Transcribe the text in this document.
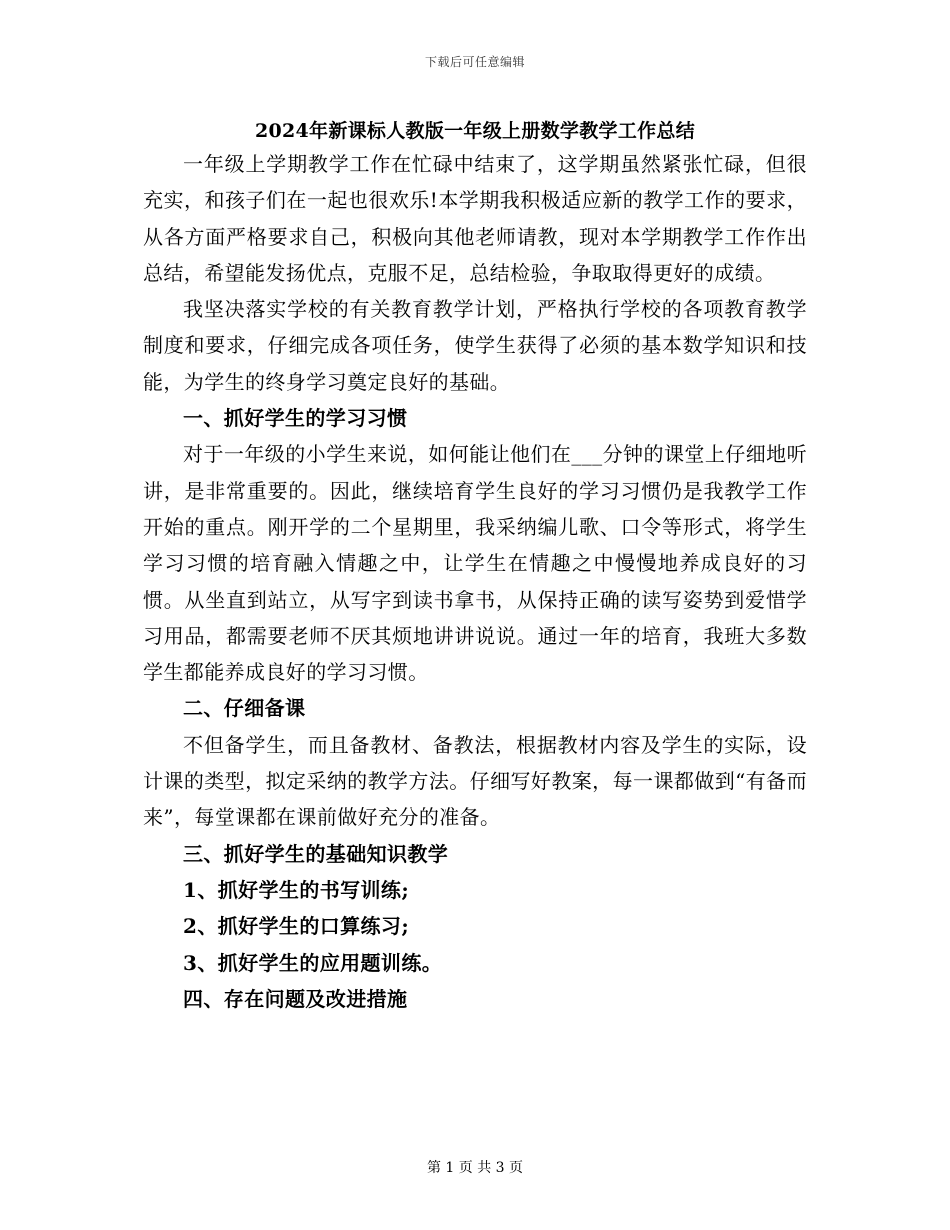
下载后可任意编辑
2024年新课标人教版一年级上册数学教学工作总结

一年级上学期教学工作在忙碌中结束了，这学期虽然紧张忙碌，但很充实，和孩子们在一起也很欢乐!本学期我积极适应新的教学工作的要求，从各方面严格要求自己，积极向其他老师请教，现对本学期教学工作作出总结，希望能发扬优点，克服不足，总结检验，争取取得更好的成绩。

我坚决落实学校的有关教育教学计划，严格执行学校的各项教育教学制度和要求，仔细完成各项任务，使学生获得了必须的基本数学知识和技能，为学生的终身学习奠定良好的基础。

一、抓好学生的学习习惯

对于一年级的小学生来说，如何能让他们在___分钟的课堂上仔细地听讲，是非常重要的。因此，继续培育学生良好的学习习惯仍是我教学工作开始的重点。刚开学的二个星期里，我采纳编儿歌、口令等形式，将学生学习习惯的培育融入情趣之中，让学生在情趣之中慢慢地养成良好的习惯。从坐直到站立，从写字到读书拿书，从保持正确的读写姿势到爱惜学习用品，都需要老师不厌其烦地讲讲说说。通过一年的培育，我班大多数学生都能养成良好的学习习惯。

二、仔细备课

不但备学生，而且备教材、备教法，根据教材内容及学生的实际，设计课的类型，拟定采纳的教学方法。仔细写好教案，每一课都做到“有备而来”，每堂课都在课前做好充分的准备。

三、抓好学生的基础知识教学

1、抓好学生的书写训练;

2、抓好学生的口算练习;

3、抓好学生的应用题训练。

四、存在问题及改进措施

第 1 页 共 3 页
